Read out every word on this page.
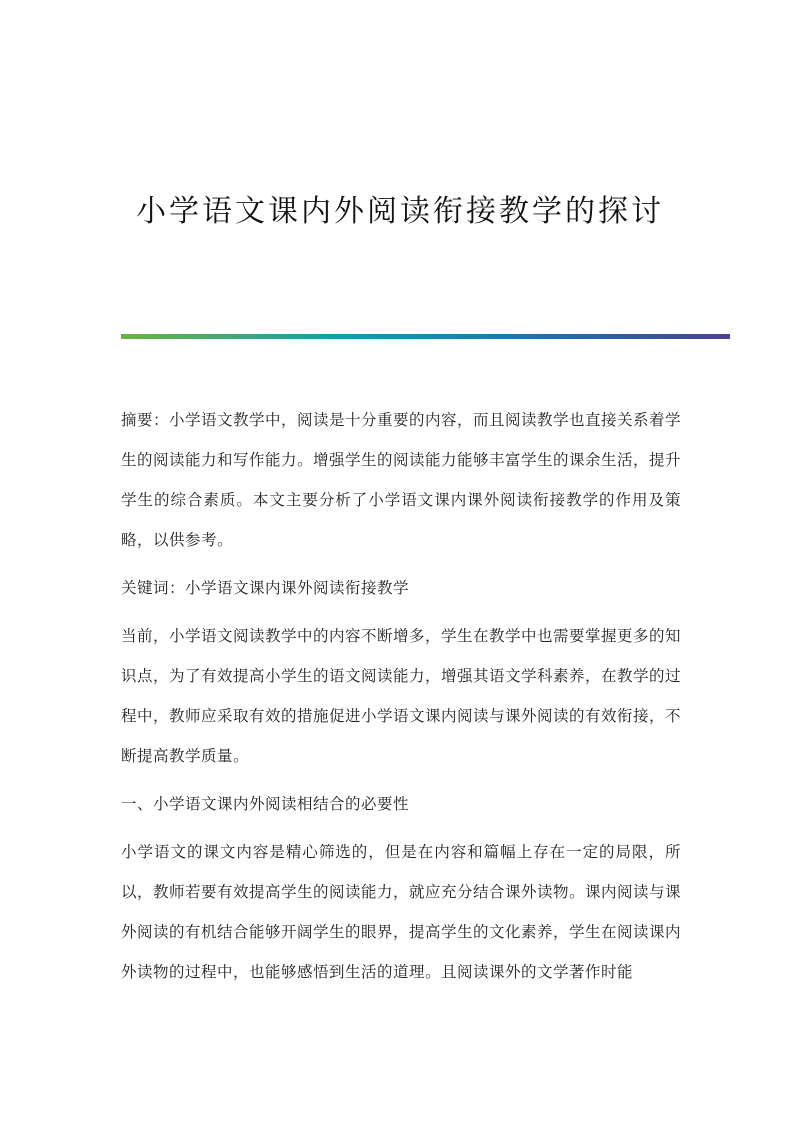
小学语文课内外阅读衔接教学的探讨

摘要：小学语文教学中，阅读是十分重要的内容，而且阅读教学也直接关系着学生的阅读能力和写作能力。增强学生的阅读能力能够丰富学生的课余生活，提升学生的综合素质。本文主要分析了小学语文课内课外阅读衔接教学的作用及策略，以供参考。

关键词：小学语文课内课外阅读衔接教学

当前，小学语文阅读教学中的内容不断增多，学生在教学中也需要掌握更多的知识点，为了有效提高小学生的语文阅读能力，增强其语文学科素养，在教学的过程中，教师应采取有效的措施促进小学语文课内阅读与课外阅读的有效衔接，不断提高教学质量。

一、小学语文课内外阅读相结合的必要性

小学语文的课文内容是精心筛选的，但是在内容和篇幅上存在一定的局限，所以，教师若要有效提高学生的阅读能力，就应充分结合课外读物。课内阅读与课外阅读的有机结合能够开阔学生的眼界，提高学生的文化素养，学生在阅读课内外读物的过程中，也能够感悟到生活的道理。且阅读课外的文学著作时能
